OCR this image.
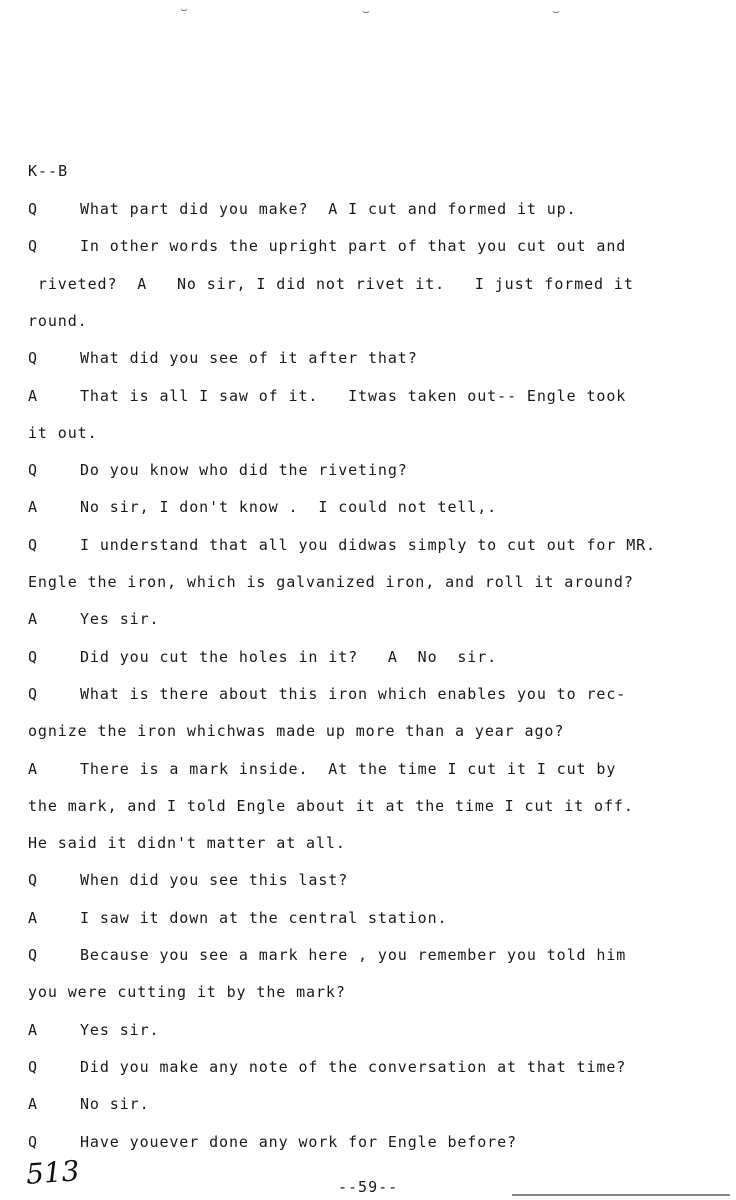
⌣	⌣	⌣
K--B
Q	What part did you make?  A I cut and formed it up.
Q	In other words the upright part of that you cut out and
riveted?  A   No sir, I did not rivet it.   I just formed it
round.
Q	What did you see of it after that?
A	That is all I saw of it.   Itwas taken out-- Engle took
it out.
Q	Do you know who did the riveting?
A	No sir, I don't know .  I could not tell,.
Q	I understand that all you didwas simply to cut out for MR.
Engle the iron, which is galvanized iron, and roll it around?
A	Yes sir.
Q	Did you cut the holes in it?   A  No  sir.
Q	What is there about this iron which enables you to rec-
ognize the iron whichwas made up more than a year ago?
A	There is a mark inside.  At the time I cut it I cut by
the mark, and I told Engle about it at the time I cut it off.
He said it didn't matter at all.
Q	When did you see this last?
A	I saw it down at the central station.
Q	Because you see a mark here , you remember you told him
you were cutting it by the mark?
A	Yes sir.
Q	Did you make any note of the conversation at that time?
A	No sir.
Q	Have youever done any work for Engle before?
513	--59--
